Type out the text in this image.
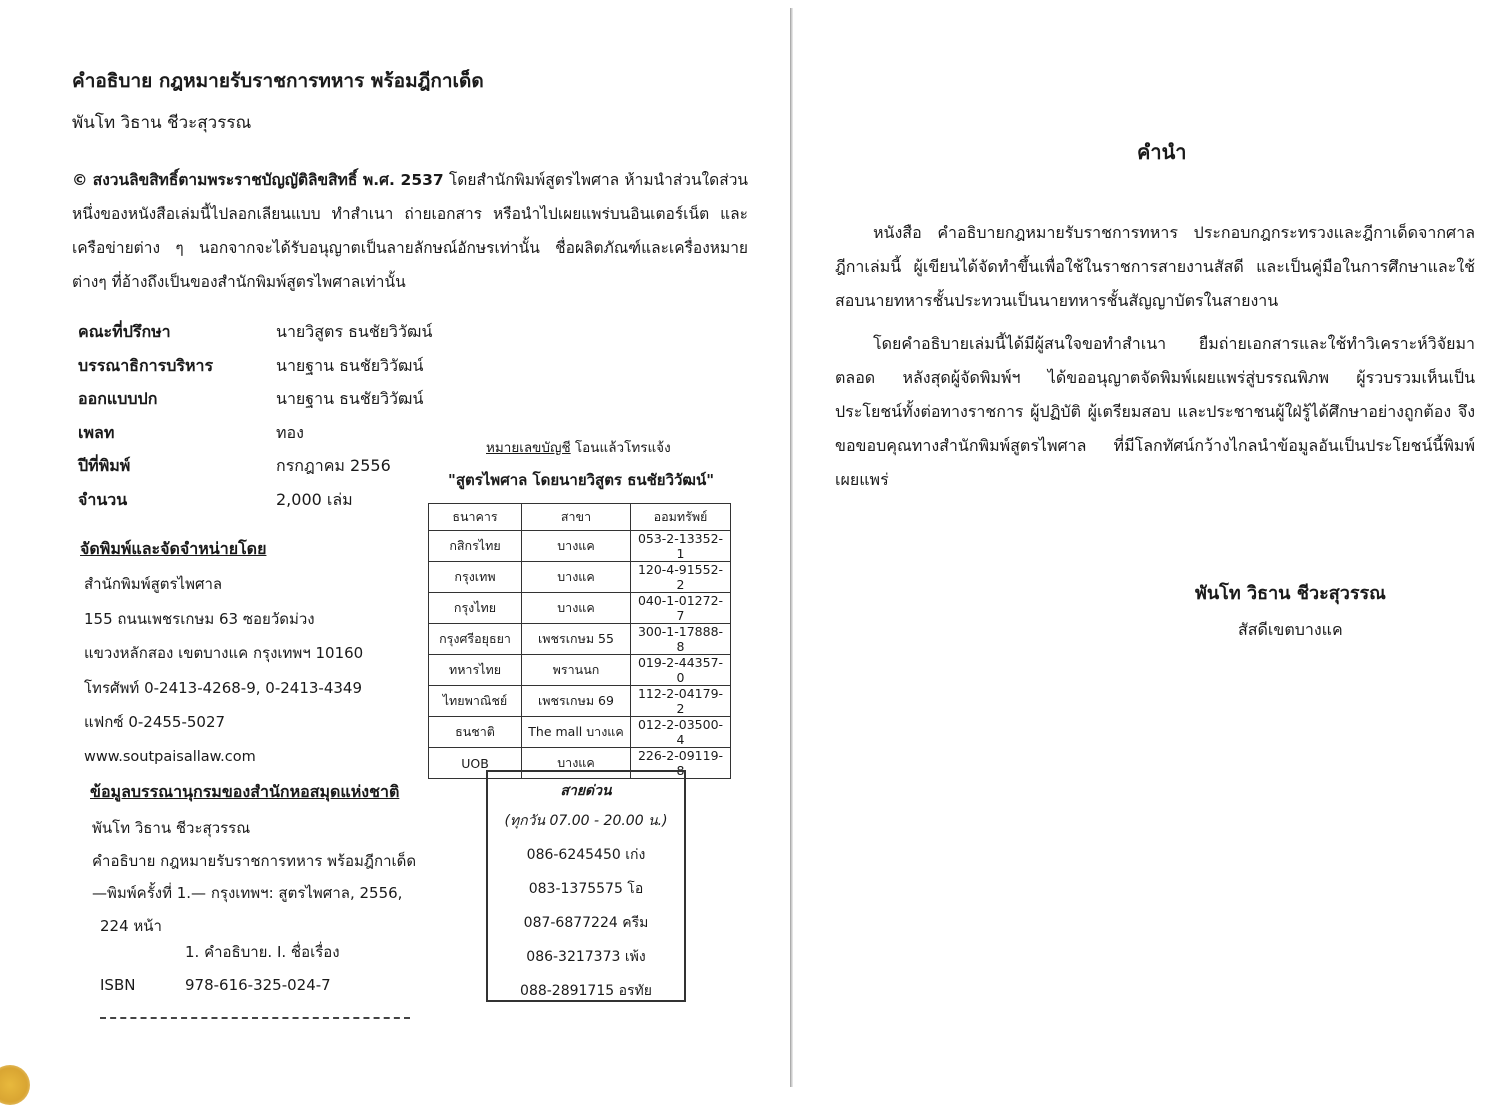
คำอธิบาย กฎหมายรับราชการทหาร พร้อมฎีกาเด็ด
พันโท วิธาน ชีวะสุวรรณ
© สงวนลิขสิทธิ์ตามพระราชบัญญัติลิขสิทธิ์ พ.ศ. 2537 โดยสำนักพิมพ์สูตรไพศาล ห้ามนำส่วนใดส่วนหนึ่งของหนังสือเล่มนี้ไปลอกเลียนแบบ ทำสำเนา ถ่ายเอกสาร หรือนำไปเผยแพร่บนอินเตอร์เน็ต และเครือข่ายต่าง ๆ นอกจากจะได้รับอนุญาตเป็นลายลักษณ์อักษรเท่านั้น ชื่อผลิตภัณฑ์และเครื่องหมายต่างๆ ที่อ้างถึงเป็นของสำนักพิมพ์สูตรไพศาลเท่านั้น
คณะที่ปรึกษา	นายวิสูตร ธนชัยวิวัฒน์
บรรณาธิการบริหาร	นายฐาน ธนชัยวิวัฒน์
ออกแบบปก	นายฐาน ธนชัยวิวัฒน์
เพลท	ทอง
ปีที่พิมพ์	กรกฎาคม 2556
จำนวน	2,000 เล่ม
หมายเลขบัญชี โอนแล้วโทรแจ้ง
"สูตรไพศาล โดยนายวิสูตร ธนชัยวิวัฒน์"
ธนาคาร	สาขา	ออมทรัพย์
กสิกรไทย	บางแค	053-2-13352-1
กรุงเทพ	บางแค	120-4-91552-2
กรุงไทย	บางแค	040-1-01272-7
กรุงศรีอยุธยา	เพชรเกษม 55	300-1-17888-8
ทหารไทย	พรานนก	019-2-44357-0
ไทยพาณิชย์	เพชรเกษม 69	112-2-04179-2
ธนชาติ	The mall บางแค	012-2-03500-4
UOB	บางแค	226-2-09119-8
จัดพิมพ์และจัดจำหน่ายโดย
สำนักพิมพ์สูตรไพศาล
155 ถนนเพชรเกษม 63 ซอยวัดม่วง
แขวงหลักสอง เขตบางแค กรุงเทพฯ 10160
โทรศัพท์ 0-2413-4268-9, 0-2413-4349
แฟกซ์ 0-2455-5027
www.soutpaisallaw.com
ข้อมูลบรรณานุกรมของสำนักหอสมุดแห่งชาติ
พันโท วิธาน ชีวะสุวรรณ
คำอธิบาย กฎหมายรับราชการทหาร พร้อมฎีกาเด็ด
—พิมพ์ครั้งที่ 1.— กรุงเทพฯ: สูตรไพศาล, 2556,
224 หน้า
1. คำอธิบาย. I. ชื่อเรื่อง
ISBN	978-616-325-024-7
สายด่วน
(ทุกวัน 07.00 - 20.00 น.)
086-6245450 เก่ง
083-1375575 โอ
087-6877224 ครีม
086-3217373 เพ้ง
088-2891715 อรทัย
คำนำ

หนังสือ คำอธิบายกฎหมายรับราชการทหาร ประกอบกฎกระทรวงและฎีกาเด็ดจากศาลฎีกาเล่มนี้ ผู้เขียนได้จัดทำขึ้นเพื่อใช้ในราชการสายงานสัสดี และเป็นคู่มือในการศึกษาและใช้สอบนายทหารชั้นประทวนเป็นนายทหารชั้นสัญญาบัตรในสายงาน

โดยคำอธิบายเล่มนี้ได้มีผู้สนใจขอทำสำเนา ยืมถ่ายเอกสารและใช้ทำวิเคราะห์วิจัยมาตลอด หลังสุดผู้จัดพิมพ์ฯ ได้ขออนุญาตจัดพิมพ์เผยแพร่สู่บรรณพิภพ ผู้รวบรวมเห็นเป็นประโยชน์ทั้งต่อทางราชการ ผู้ปฏิบัติ ผู้เตรียมสอบ และประชาชนผู้ใฝ่รู้ได้ศึกษาอย่างถูกต้อง จึงขอขอบคุณทางสำนักพิมพ์สูตรไพศาล ที่มีโลกทัศน์กว้างไกลนำข้อมูลอันเป็นประโยชน์นี้พิมพ์เผยแพร่

พันโท วิธาน ชีวะสุวรรณ
สัสดีเขตบางแค
